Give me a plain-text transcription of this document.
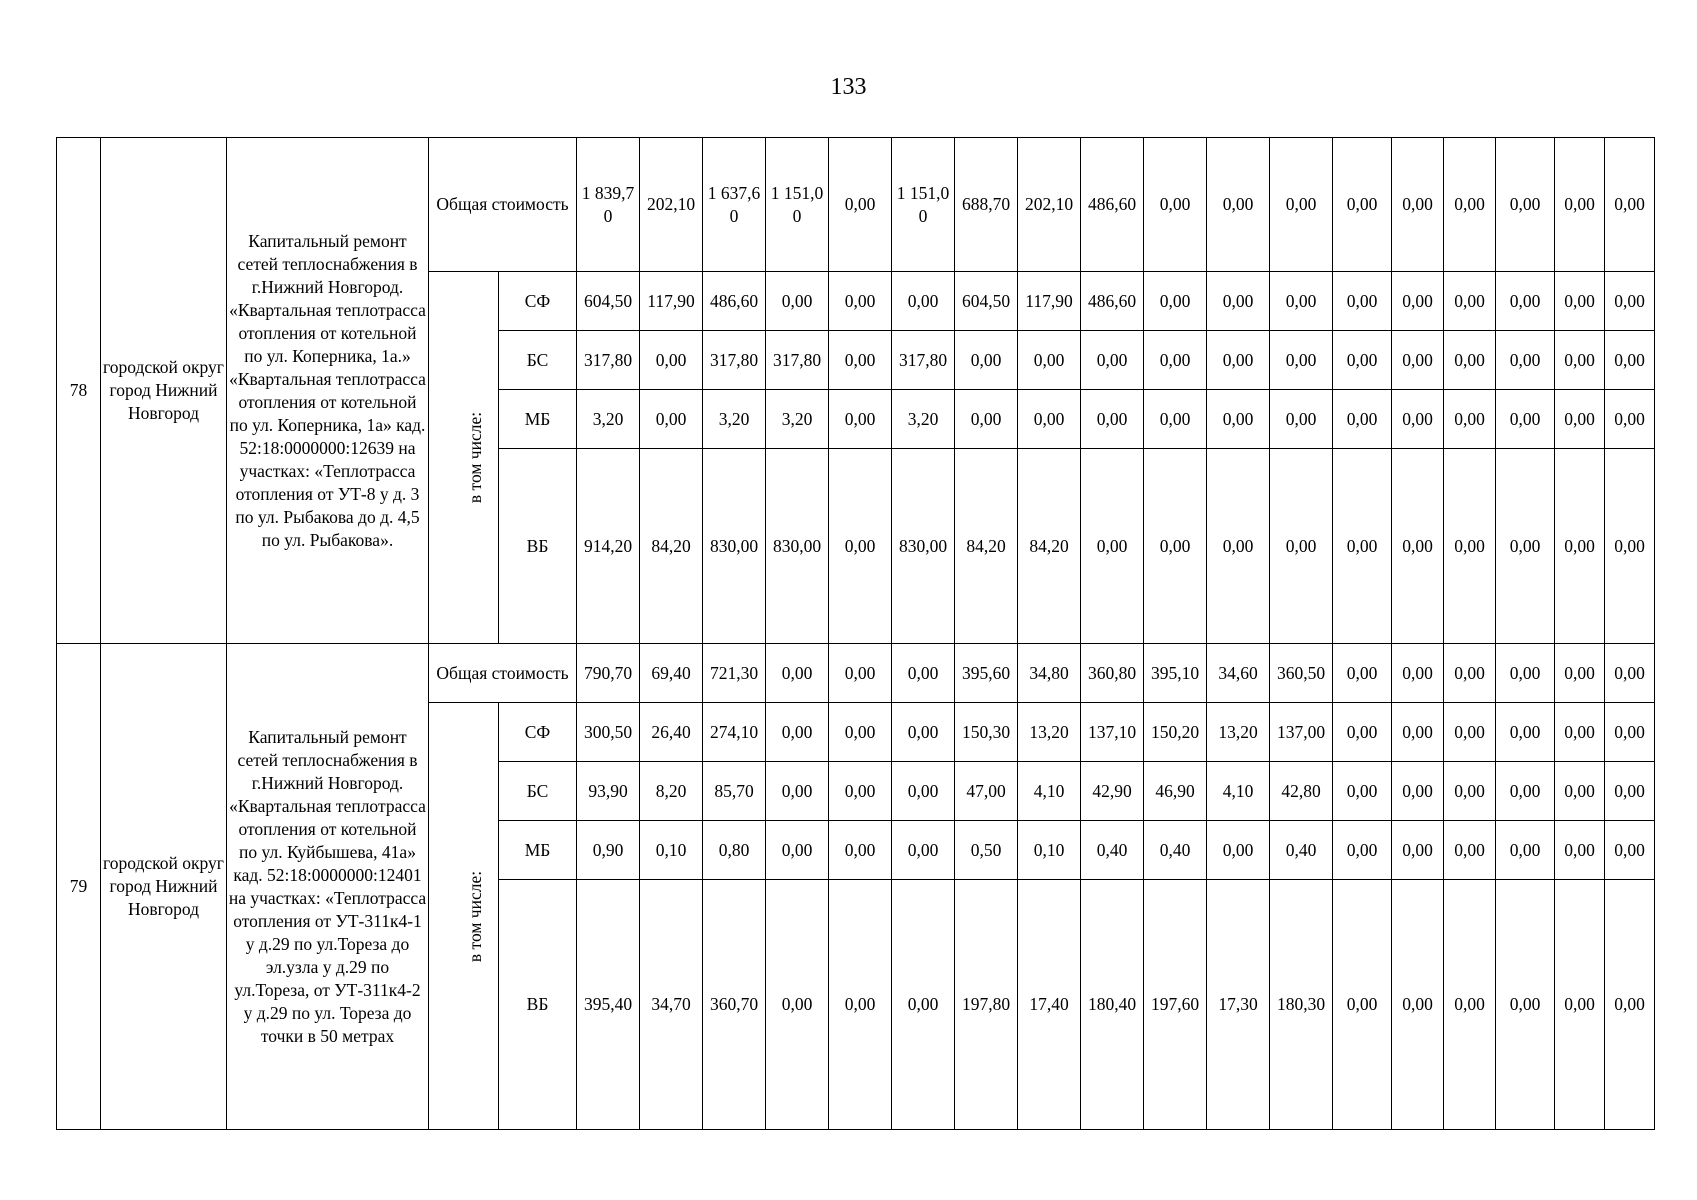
133
78	городской округ город Нижний Новгород	Капитальный ремонт сетей теплоснабжения в г.Нижний Новгород. «Квартальная теплотрасса отопления от котельной по ул. Коперника, 1а.» «Квартальная теплотрасса отопления от котельной по ул. Коперника, 1а» кад. 52:18:0000000:12639 на участках: «Теплотрасса отопления от УТ-8 у д. 3 по ул. Рыбакова до д. 4,5 по ул. Рыбакова».	Общая стоимость		1 839,70	202,10	1 637,60	1 151,00	0,00	1 151,00	688,70	202,10	486,60	0,00	0,00	0,00	0,00	0,00	0,00	0,00	0,00	0,00
			в том числе:	СФ	604,50	117,90	486,60	0,00	0,00	0,00	604,50	117,90	486,60	0,00	0,00	0,00	0,00	0,00	0,00	0,00	0,00	0,00
				БС	317,80	0,00	317,80	317,80	0,00	317,80	0,00	0,00	0,00	0,00	0,00	0,00	0,00	0,00	0,00	0,00	0,00	0,00
				МБ	3,20	0,00	3,20	3,20	0,00	3,20	0,00	0,00	0,00	0,00	0,00	0,00	0,00	0,00	0,00	0,00	0,00	0,00
				ВБ	914,20	84,20	830,00	830,00	0,00	830,00	84,20	84,20	0,00	0,00	0,00	0,00	0,00	0,00	0,00	0,00	0,00	0,00
79	городской округ город Нижний Новгород	Капитальный ремонт сетей теплоснабжения в г.Нижний Новгород. «Квартальная теплотрасса отопления от котельной по ул. Куйбышева, 41а» кад. 52:18:0000000:12401 на участках: «Теплотрасса отопления от УТ-311к4-1 у д.29 по ул.Тореза до эл.узла у д.29 по ул.Тореза, от УТ-311к4-2 у д.29 по ул. Тореза до точки в 50 метрах	Общая стоимость		790,70	69,40	721,30	0,00	0,00	0,00	395,60	34,80	360,80	395,10	34,60	360,50	0,00	0,00	0,00	0,00	0,00	0,00
			в том числе:	СФ	300,50	26,40	274,10	0,00	0,00	0,00	150,30	13,20	137,10	150,20	13,20	137,00	0,00	0,00	0,00	0,00	0,00	0,00
				БС	93,90	8,20	85,70	0,00	0,00	0,00	47,00	4,10	42,90	46,90	4,10	42,80	0,00	0,00	0,00	0,00	0,00	0,00
				МБ	0,90	0,10	0,80	0,00	0,00	0,00	0,50	0,10	0,40	0,40	0,00	0,40	0,00	0,00	0,00	0,00	0,00	0,00
				ВБ	395,40	34,70	360,70	0,00	0,00	0,00	197,80	17,40	180,40	197,60	17,30	180,30	0,00	0,00	0,00	0,00	0,00	0,00
